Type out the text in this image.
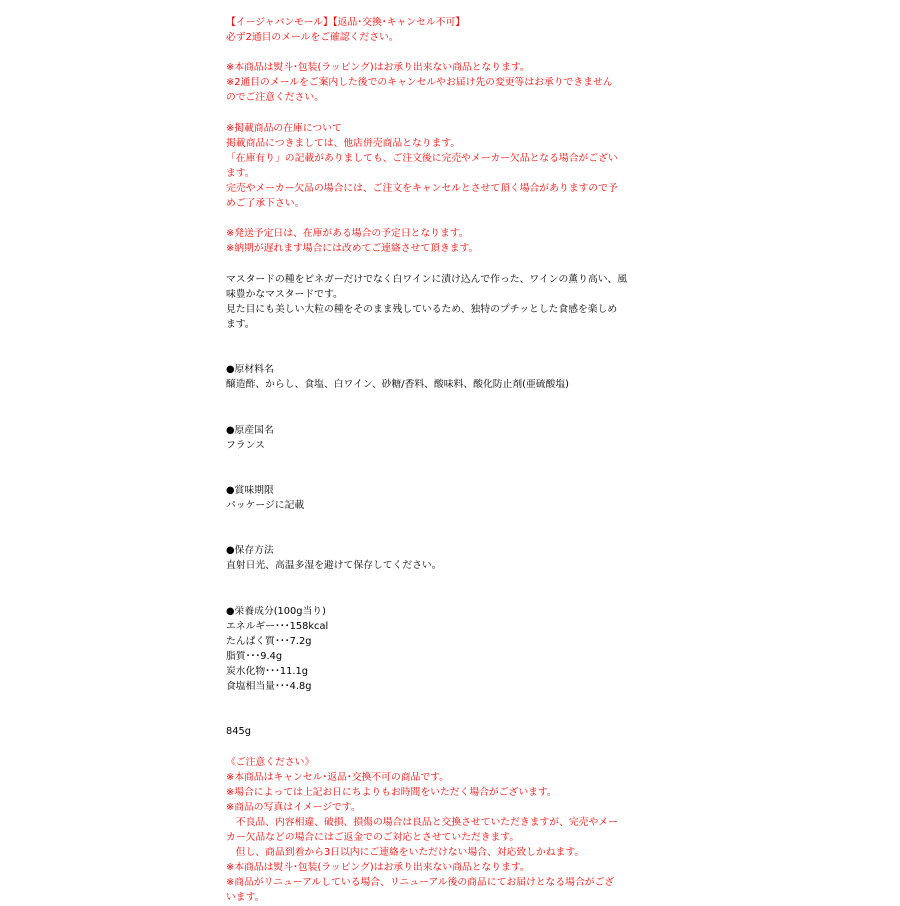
【イージャパンモール】【返品･交換･キャンセル不可】
必ず2通目のメールをご確認ください。

※本商品は熨斗･包装(ラッピング)はお承り出来ない商品となります。
※2通目のメールをご案内した後でのキャンセルやお届け先の変更等はお承りできません
のでご注意ください。

※掲載商品の在庫について
掲載商品につきましては、他店併売商品となります。
「在庫有り」の記載がありましても、ご注文後に完売やメーカー欠品となる場合がござい
ます。
完売やメーカー欠品の場合には、ご注文をキャンセルとさせて頂く場合がありますので予
めご了承下さい。

※発送予定日は、在庫がある場合の予定日となります。
※納期が遅れます場合には改めてご連絡させて頂きます。

マスタードの種をビネガーだけでなく白ワインに漬け込んで作った、ワインの薫り高い、風
味豊かなマスタードです。
見た目にも美しい大粒の種をそのまま残しているため、独特のプチッとした食感を楽しめ
ます。

●原材料名
醸造酢、からし、食塩、白ワイン、砂糖/香料、酸味料、酸化防止剤(亜硫酸塩)

●原産国名
フランス

●賞味期限
パッケージに記載

●保存方法
直射日光、高温多湿を避けて保存してください。

●栄養成分(100g当り)
エネルギー･･･158kcal
たんぱく質･･･7.2g
脂質･･･9.4g
炭水化物･･･11.1g
食塩相当量･･･4.8g

845g

《ご注意ください》
※本商品はキャンセル･返品･交換不可の商品です。
※場合によっては上記お日にちよりもお時間をいただく場合がございます。
※商品の写真はイメージです。
　不良品、内容相違、破損、損傷の場合は良品と交換させていただきますが、完売やメー
カー欠品などの場合にはご返金でのご対応とさせていただきます。
　但し、商品到着から3日以内にご連絡をいただけない場合、対応致しかねます。
※本商品は熨斗･包装(ラッピング)はお承り出来ない商品となります。
※商品がリニューアルしている場合、リニューアル後の商品にてお届けとなる場合がござ
います。
